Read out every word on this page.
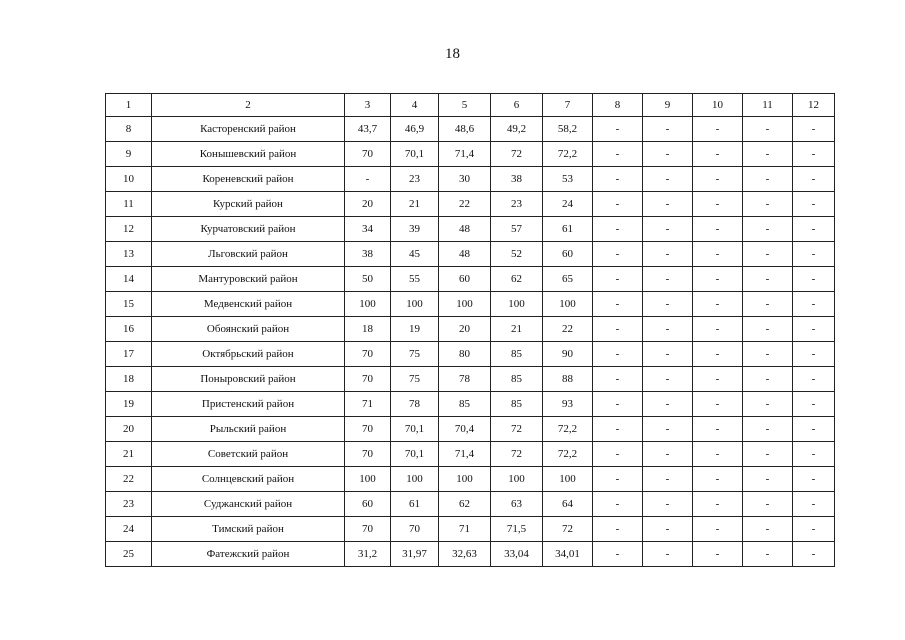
18
1	2	3	4	5	6	7	8	9	10	11	12
8	Касторенский район	43,7	46,9	48,6	49,2	58,2	-	-	-	-	-
9	Конышевский район	70	70,1	71,4	72	72,2	-	-	-	-	-
10	Кореневский район	-	23	30	38	53	-	-	-	-	-
11	Курский район	20	21	22	23	24	-	-	-	-	-
12	Курчатовский район	34	39	48	57	61	-	-	-	-	-
13	Льговский район	38	45	48	52	60	-	-	-	-	-
14	Мантуровский район	50	55	60	62	65	-	-	-	-	-
15	Медвенский район	100	100	100	100	100	-	-	-	-	-
16	Обоянский район	18	19	20	21	22	-	-	-	-	-
17	Октябрьский район	70	75	80	85	90	-	-	-	-	-
18	Поныровский район	70	75	78	85	88	-	-	-	-	-
19	Пристенский район	71	78	85	85	93	-	-	-	-	-
20	Рыльский район	70	70,1	70,4	72	72,2	-	-	-	-	-
21	Советский район	70	70,1	71,4	72	72,2	-	-	-	-	-
22	Солнцевский район	100	100	100	100	100	-	-	-	-	-
23	Суджанский район	60	61	62	63	64	-	-	-	-	-
24	Тимский район	70	70	71	71,5	72	-	-	-	-	-
25	Фатежский район	31,2	31,97	32,63	33,04	34,01	-	-	-	-	-
